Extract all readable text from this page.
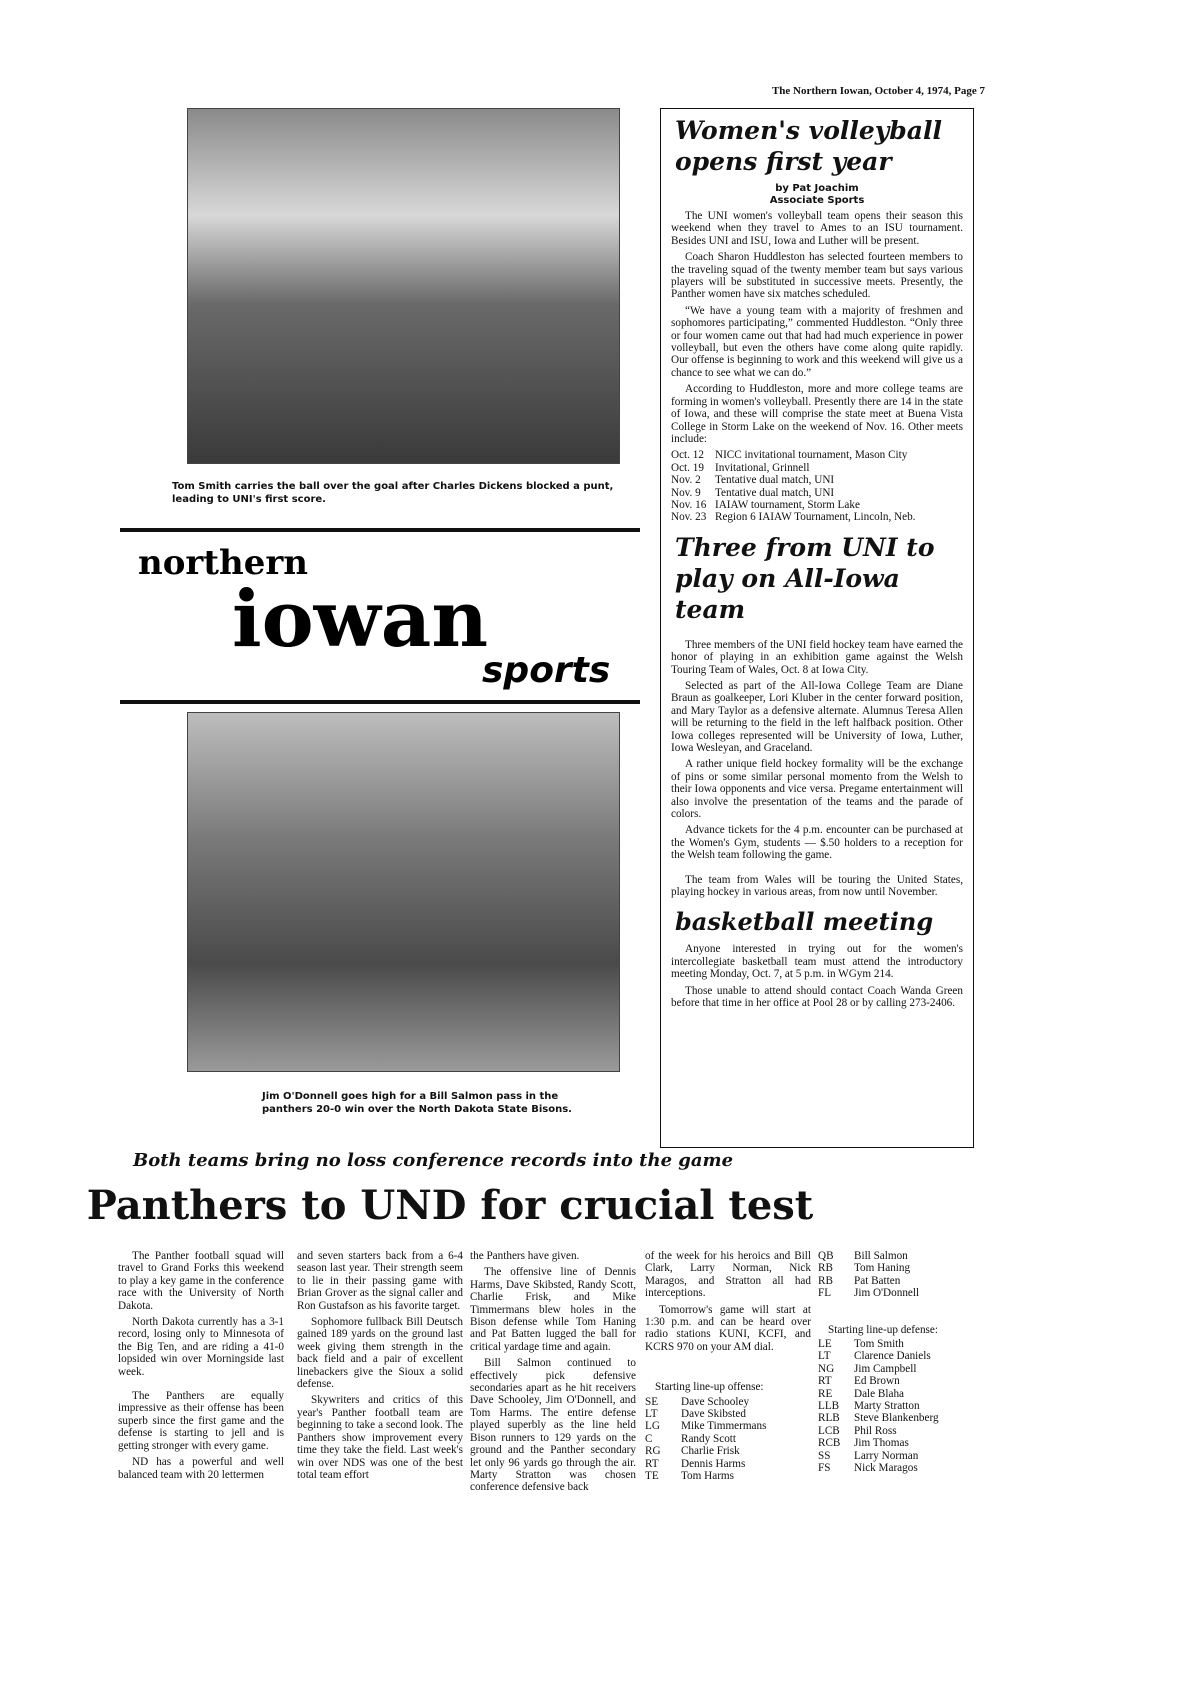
The Northern Iowan, October 4, 1974, Page 7
Tom Smith carries the ball over the goal after Charles Dickens blocked a punt, leading to UNI's first score.
northern
iowan
sports
Jim O'Donnell goes high for a Bill Salmon pass in the panthers 20-0 win over the North Dakota State Bisons.
Women's volleyball opens first year
by Pat Joachim
Associate Sports

The UNI women's volleyball team opens their season this weekend when they travel to Ames to an ISU tournament. Besides UNI and ISU, Iowa and Luther will be present.

Coach Sharon Huddleston has selected fourteen members to the traveling squad of the twenty member team but says various players will be substituted in successive meets. Presently, the Panther women have six matches scheduled.

“We have a young team with a majority of freshmen and sophomores participating,” commented Huddleston. “Only three or four women came out that had had much experience in power volleyball, but even the others have come along quite rapidly. Our offense is beginning to work and this weekend will give us a chance to see what we can do.”

According to Huddleston, more and more college teams are forming in women's volleyball. Presently there are 14 in the state of Iowa, and these will comprise the state meet at Buena Vista College in Storm Lake on the weekend of Nov. 16. Other meets include:

Oct. 12 NICC invitational tournament, Mason City
Oct. 19 Invitational, Grinnell
Nov. 2	Tentative dual match, UNI
Nov. 9	Tentative dual match, UNI
Nov. 16 IAIAW tournament, Storm Lake
Nov. 23 Region 6 IAIAW Tournament, Lincoln, Neb.
Three from UNI to play on All-Iowa team

Three members of the UNI field hockey team have earned the honor of playing in an exhibition game against the Welsh Touring Team of Wales, Oct. 8 at Iowa City.

Selected as part of the All-Iowa College Team are Diane Braun as goalkeeper, Lori Kluber in the center forward position, and Mary Taylor as a defensive alternate. Alumnus Teresa Allen will be returning to the field in the left halfback position. Other Iowa colleges represented will be University of Iowa, Luther, Iowa Wesleyan, and Graceland.

A rather unique field hockey formality will be the exchange of pins or some similar personal momento from the Welsh to their Iowa opponents and vice versa. Pregame entertainment will also involve the presentation of the teams and the parade of colors.

Advance tickets for the 4 p.m. encounter can be purchased at the Women's Gym, students — $.50 holders to a reception for the Welsh team following the game.

The team from Wales will be touring the United States, playing hockey in various areas, from now until November.

basketball meeting

Anyone interested in trying out for the women's intercollegiate basketball team must attend the introductory meeting Monday, Oct. 7, at 5 p.m. in WGym 214.

Those unable to attend should contact Coach Wanda Green before that time in her office at Pool 28 or by calling 273-2406.

Both teams bring no loss conference records into the game
Panthers to UND for crucial test

The Panther football squad will travel to Grand Forks this weekend to play a key game in the conference race with the University of North Dakota.

North Dakota currently has a 3-1 record, losing only to Minnesota of the Big Ten, and are riding a 41-0 lopsided win over Morningside last week.

The Panthers are equally impressive as their offense has been superb since the first game and the defense is starting to jell and is getting stronger with every game.

ND has a powerful and well balanced team with 20 lettermen

and seven starters back from a 6-4 season last year. Their strength seem to lie in their passing game with Brian Grover as the signal caller and Ron Gustafson as his favorite target.

Sophomore fullback Bill Deutsch gained 189 yards on the ground last week giving them strength in the back field and a pair of excellent linebackers give the Sioux a solid defense.

Skywriters and critics of this year's Panther football team are beginning to take a second look. The Panthers show improvement every time they take the field. Last week's win over NDS was one of the best total team effort

the Panthers have given.

The offensive line of Dennis Harms, Dave Skibsted, Randy Scott, Charlie Frisk, and Mike Timmermans blew holes in the Bison defense while Tom Haning and Pat Batten lugged the ball for critical yardage time and again.

Bill Salmon continued to effectively pick defensive secondaries apart as he hit receivers Dave Schooley, Jim O'Donnell, and Tom Harms. The entire defense played superbly as the line held Bison runners to 129 yards on the ground and the Panther secondary let only 96 yards go through the air. Marty Stratton was chosen conference defensive back

of the week for his heroics and Bill Clark, Larry Norman, Nick Maragos, and Stratton all had interceptions.

Tomorrow's game will start at 1:30 p.m. and can be heard over radio stations KUNI, KCFI, and KCRS 970 on your AM dial.

Starting line-up offense:
SE	Dave Schooley
LT	Dave Skibsted
LG	Mike Timmermans
C	Randy Scott
RG	Charlie Frisk
RT	Dennis Harms
TE	Tom Harms
QB	Bill Salmon
RB	Tom Haning
RB	Pat Batten
FL	Jim O'Donnell
Starting line-up defense:
LE	Tom Smith
LT	Clarence Daniels
NG	Jim Campbell
RT	Ed Brown
RE	Dale Blaha
LLB	Marty Stratton
RLB	Steve Blankenberg
LCB	Phil Ross
RCB	Jim Thomas
SS	Larry Norman
FS	Nick Maragos
